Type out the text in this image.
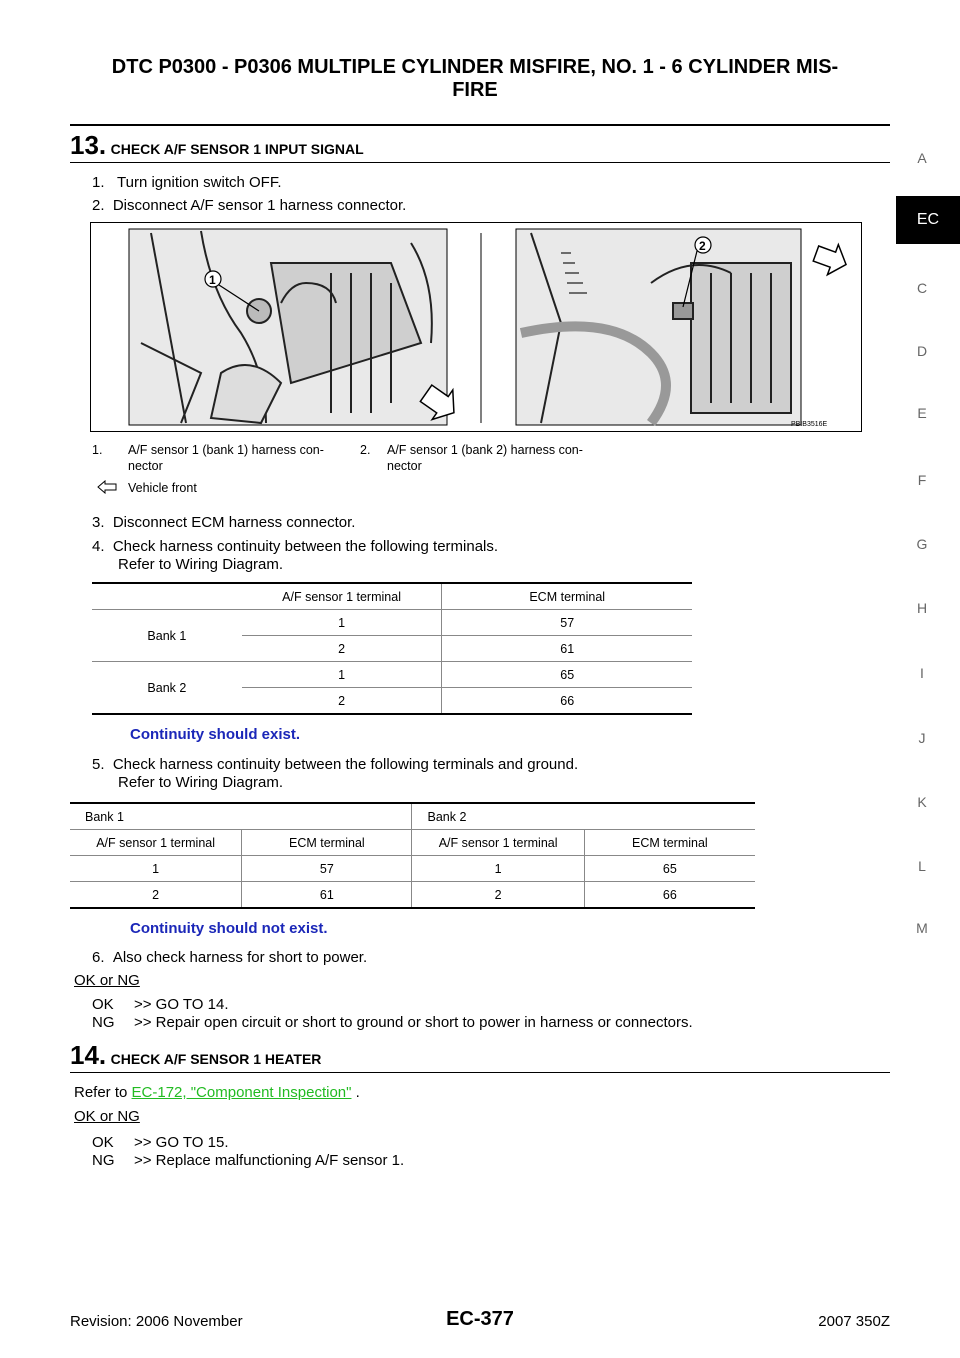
DTC P0300 - P0306 MULTIPLE CYLINDER MISFIRE, NO. 1 - 6 CYLINDER MIS-
FIRE
A
EC
C
D
E
F
G
H
I
J
K
L
M
13. CHECK A/F SENSOR 1 INPUT SIGNAL
1.   Turn ignition switch OFF.
2.  Disconnect A/F sensor 1 harness connector.
1
2
PBIB3516E
1. A/F sensor 1 (bank 1) harness con-
nector
2. A/F sensor 1 (bank 2) harness con-
nector
Vehicle front
3.  Disconnect ECM harness connector.
4.  Check harness continuity between the following terminals.
Refer to Wiring Diagram.
	A/F sensor 1 terminal	ECM terminal
Bank 1	1	57
	2	61
Bank 2	1	65
	2	66
Continuity should exist.
5.  Check harness continuity between the following terminals and ground.
Refer to Wiring Diagram.
Bank 1		Bank 2	
A/F sensor 1 terminal	ECM terminal	A/F sensor 1 terminal	ECM terminal
1	57	1	65
2	61	2	66
Continuity should not exist.
6.  Also check harness for short to power.
OK or NG
OK >> GO TO 14.
NG >> Repair open circuit or short to ground or short to power in harness or connectors.
14. CHECK A/F SENSOR 1 HEATER
Refer to EC-172, "Component Inspection" .
OK or NG
OK >> GO TO 15.
NG >> Replace malfunctioning A/F sensor 1.
Revision: 2006 November	EC-377	2007 350Z
